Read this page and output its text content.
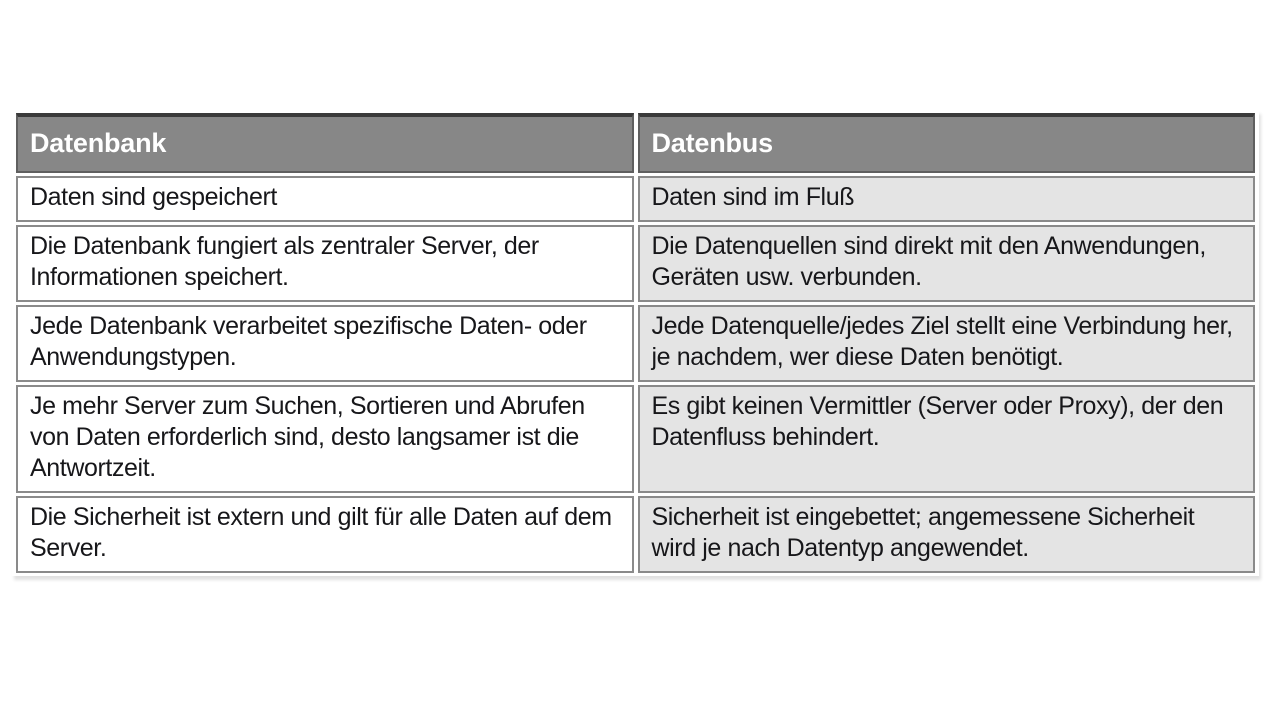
Datenbank	Datenbus
Daten sind gespeichert	Daten sind im Fluß
Die Datenbank fungiert als zentraler Server, der Informationen speichert.	Die Datenquellen sind direkt mit den Anwendungen, Geräten usw. verbunden.
Jede Datenbank verarbeitet spezifische Daten- oder Anwendungstypen.	Jede Datenquelle/jedes Ziel stellt eine Verbindung her, je nachdem, wer diese Daten benötigt.
Je mehr Server zum Suchen, Sortieren und Abrufen von Daten erforderlich sind, desto langsamer ist die Antwortzeit.	Es gibt keinen Vermittler (Server oder Proxy), der den Datenfluss behindert.
Die Sicherheit ist extern und gilt für alle Daten auf dem Server.	Sicherheit ist eingebettet; angemessene Sicherheit wird je nach Datentyp angewendet.
